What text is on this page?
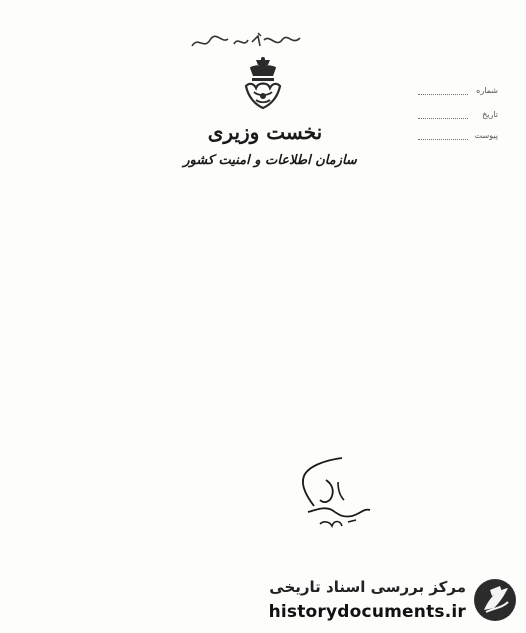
نخست وزیری
سازمان اطلاعات و امنیت کشور
شماره
تاریخ
پیوست
مرکز بررسی اسناد تاریخی
historydocuments.ir
